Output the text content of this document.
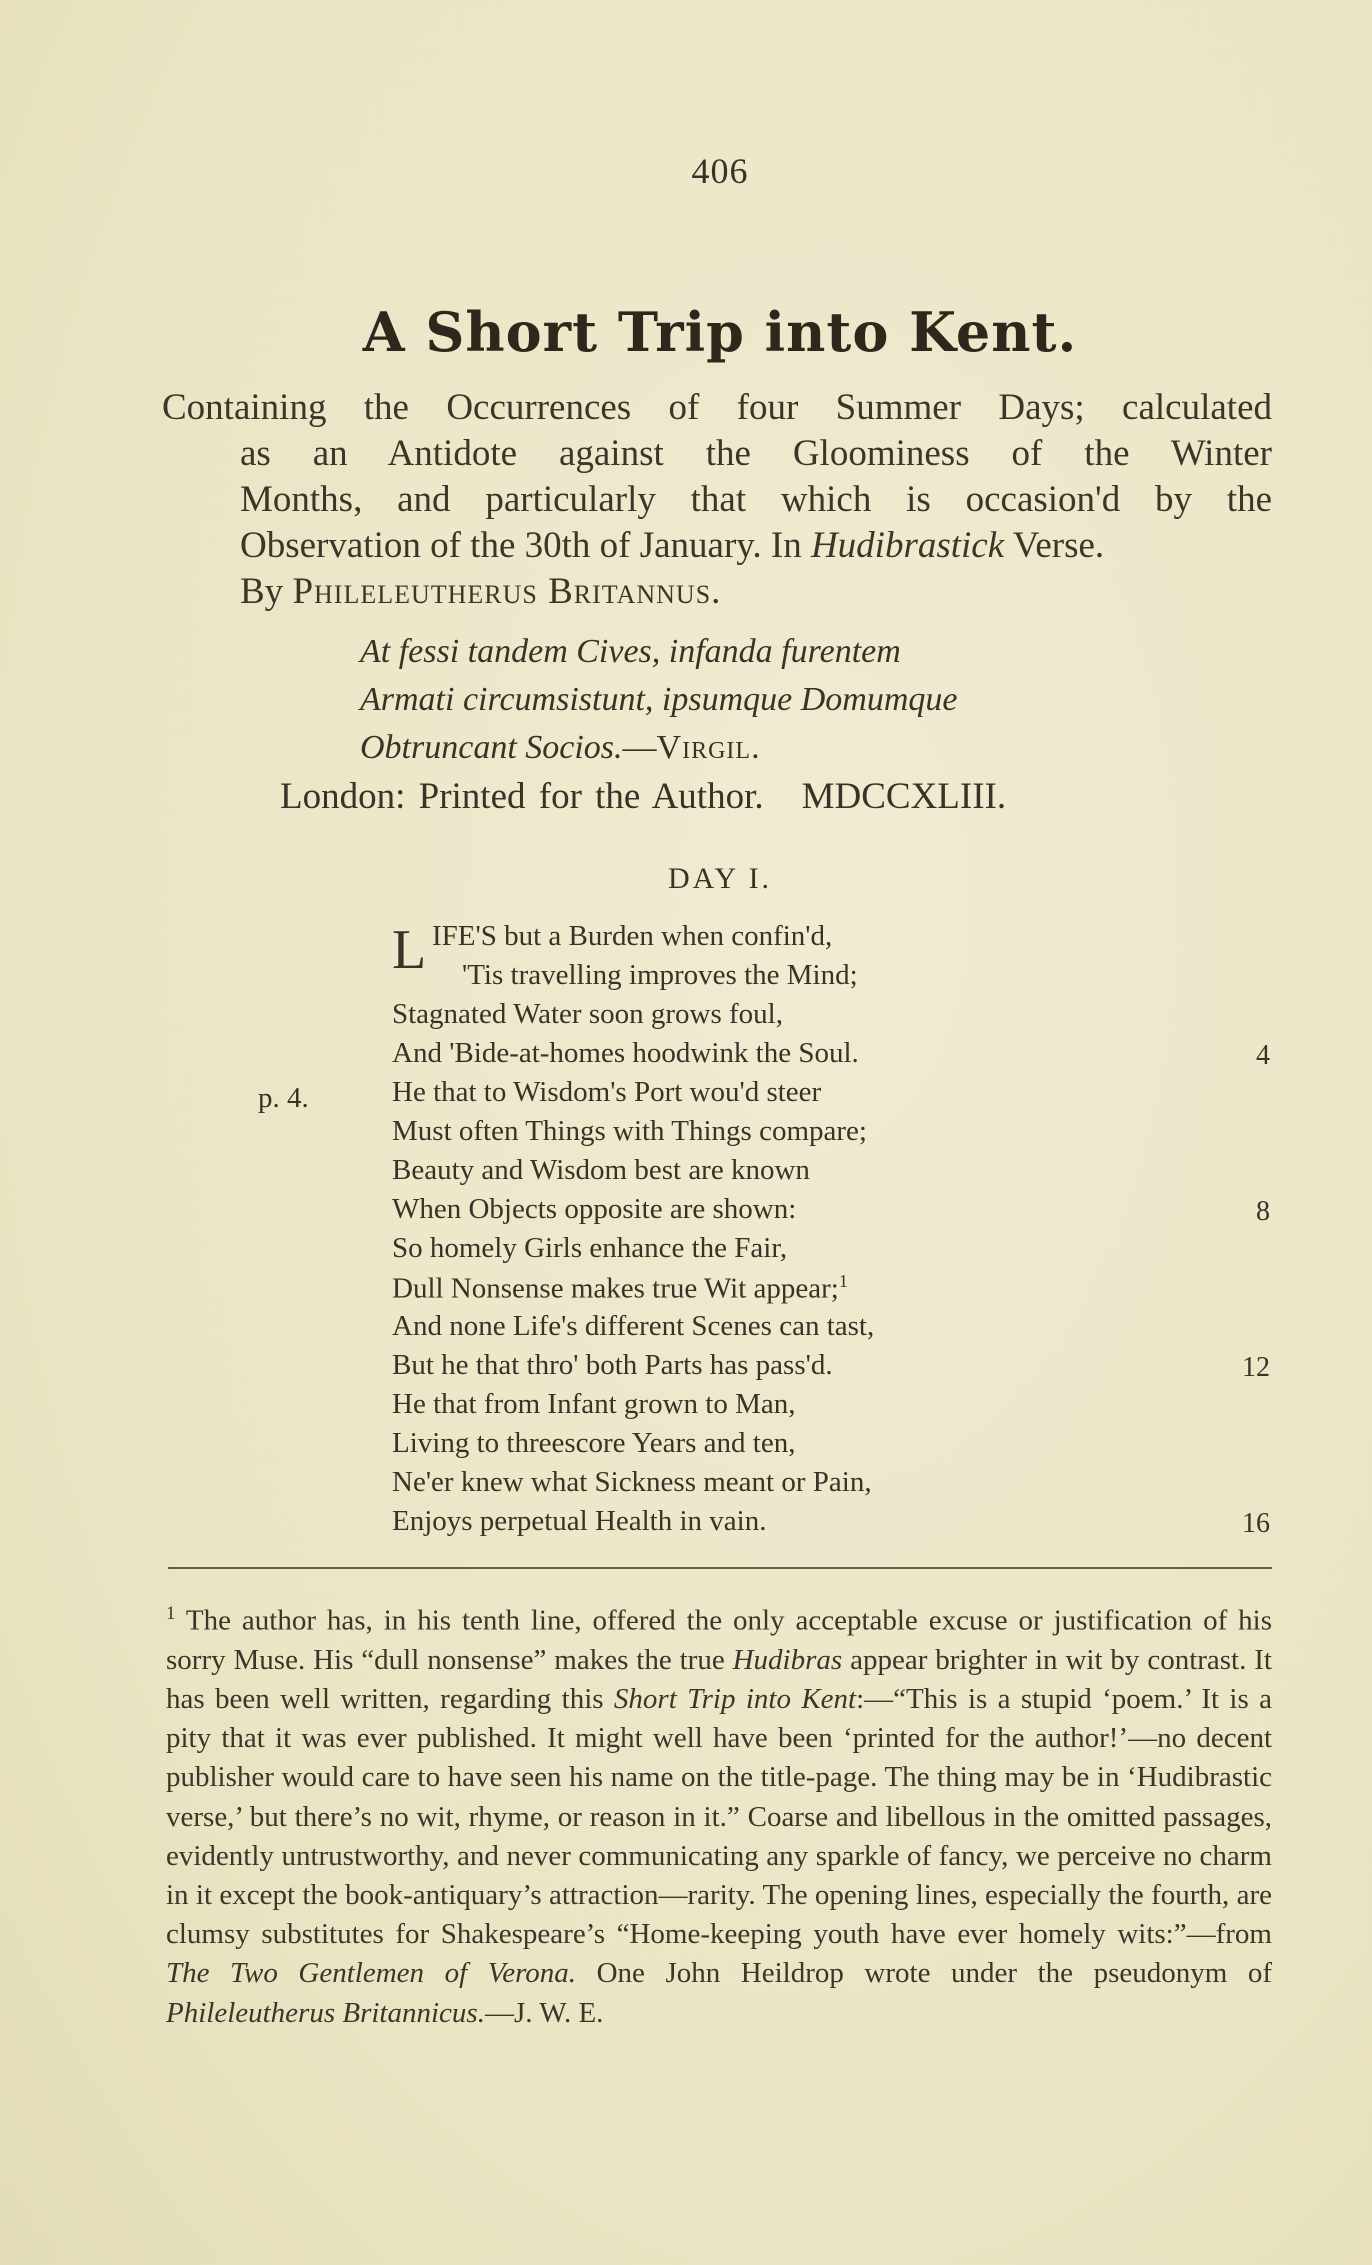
406
A Short Trip into Kent.
Containing the Occurrences of four Summer Days; calculated
as an Antidote against the Gloominess of the Winter
Months, and particularly that which is occasion'd by the
Observation of the 30th of January. In Hudibrastick Verse.
By Phileleutherus Britannus.
At fessi tandem Cives, infanda furentem
Armati circumsistunt, ipsumque Domumque
Obtruncant Socios.—Virgil.
London: Printed for the Author. MDCCXLIII.
DAY I.
L IFE'S but a Burden when confin'd,
'Tis travelling improves the Mind;
Stagnated Water soon grows foul,
And 'Bide-at-homes hoodwink the Soul.	4
p. 4.	He that to Wisdom's Port wou'd steer
Must often Things with Things compare;
Beauty and Wisdom best are known
When Objects opposite are shown:	8
So homely Girls enhance the Fair,
Dull Nonsense makes true Wit appear;$^1$
And none Life's different Scenes can tast,
But he that thro' both Parts has pass'd.	12
He that from Infant grown to Man,
Living to threescore Years and ten,
Ne'er knew what Sickness meant or Pain,
Enjoys perpetual Health in vain.	16
$^1$ The author has, in his tenth line, offered the only acceptable excuse or justification of his sorry Muse. His “dull nonsense” makes the true Hudibras appear brighter in wit by contrast. It has been well written, regarding this Short Trip into Kent:—“This is a stupid ‘poem.’ It is a pity that it was ever published. It might well have been ‘printed for the author!’—no decent publisher would care to have seen his name on the title-page. The thing may be in ‘Hudibrastic verse,’ but there’s no wit, rhyme, or reason in it.” Coarse and libellous in the omitted passages, evidently untrustworthy, and never communicating any sparkle of fancy, we perceive no charm in it except the book-antiquary’s attraction—rarity. The opening lines, especially the fourth, are clumsy substitutes for Shakespeare’s “Home-keeping youth have ever homely wits:”—from The Two Gentlemen of Verona. One John Heildrop wrote under the pseudonym of Phileleutherus Britannicus.—J. W. E.
